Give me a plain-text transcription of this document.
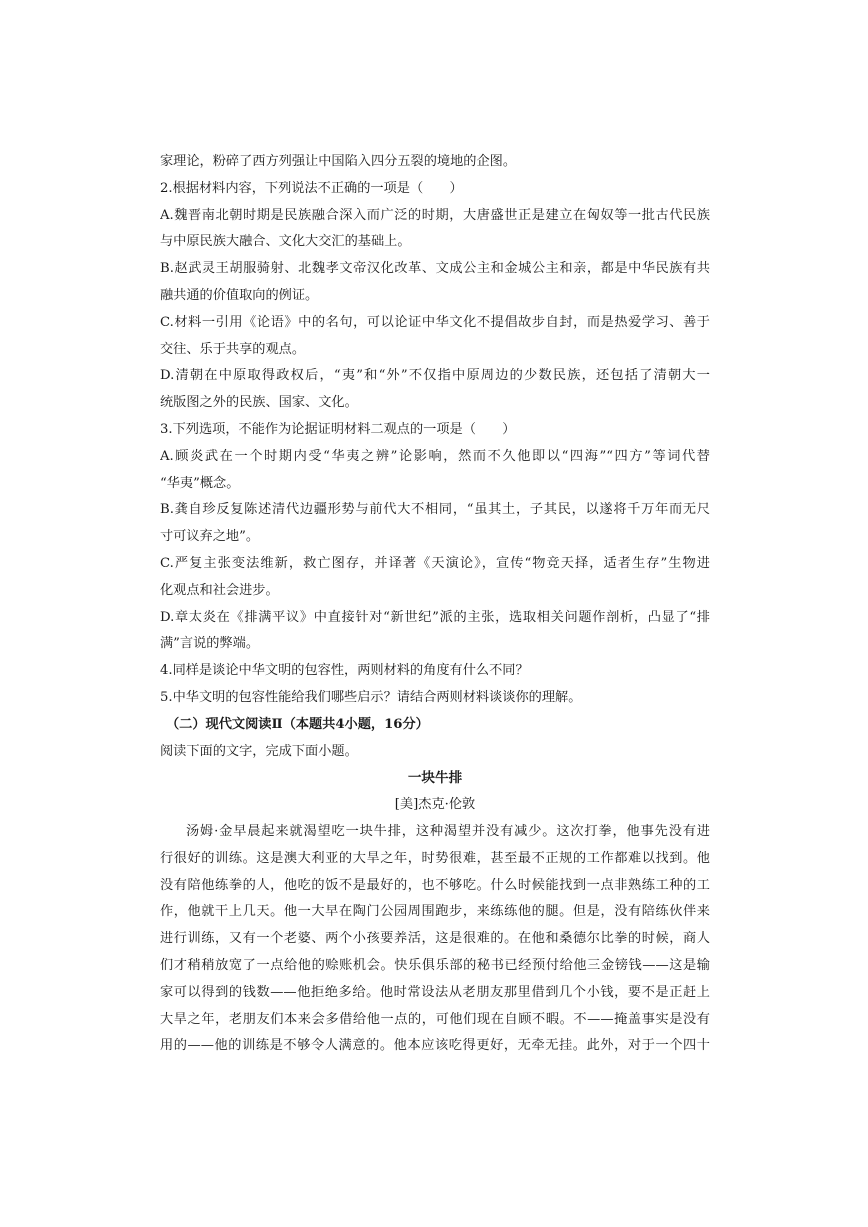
家理论，粉碎了西方列强让中国陷入四分五裂的境地的企图。
2.根据材料内容，下列说法不正确的一项是（　　）
A.魏晋南北朝时期是民族融合深入而广泛的时期，大唐盛世正是建立在匈奴等一批古代民族
与中原民族大融合、文化大交汇的基础上。
B.赵武灵王胡服骑射、北魏孝文帝汉化改革、文成公主和金城公主和亲，都是中华民族有共
融共通的价值取向的例证。
C.材料一引用《论语》中的名句，可以论证中华文化不提倡故步自封，而是热爱学习、善于
交往、乐于共享的观点。
D.清朝在中原取得政权后，“夷”和“外”不仅指中原周边的少数民族，还包括了清朝大一
统版图之外的民族、国家、文化。
3.下列选项，不能作为论据证明材料二观点的一项是（　　）
A.顾炎武在一个时期内受“华夷之辨”论影响，然而不久他即以“四海”“四方”等词代替
“华夷”概念。
B.龚自珍反复陈述清代边疆形势与前代大不相同，“虽其土，子其民，以遂将千万年而无尺
寸可议弃之地”。
C.严复主张变法维新，救亡图存，并译著《天演论》，宣传“物竞天择，适者生存”生物进
化观点和社会进步。
D.章太炎在《排满平议》中直接针对“新世纪”派的主张，选取相关问题作剖析，凸显了“排
满”言说的弊端。
4.同样是谈论中华文明的包容性，两则材料的角度有什么不同？
5.中华文明的包容性能给我们哪些启示？请结合两则材料谈谈你的理解。
（二）现代文阅读Ⅱ（本题共4小题，16分）
阅读下面的文字，完成下面小题。
一块牛排
[美]杰克·伦敦
汤姆·金早晨起来就渴望吃一块牛排，这种渴望并没有减少。这次打拳，他事先没有进
行很好的训练。这是澳大利亚的大旱之年，时势很难，甚至最不正规的工作都难以找到。他
没有陪他练拳的人，他吃的饭不是最好的，也不够吃。什么时候能找到一点非熟练工种的工
作，他就干上几天。他一大早在陶门公园周围跑步，来练练他的腿。但是，没有陪练伙伴来
进行训练，又有一个老婆、两个小孩要养活，这是很难的。在他和桑德尔比拳的时候，商人
们才稍稍放宽了一点给他的赊账机会。快乐俱乐部的秘书已经预付给他三金镑钱——这是输
家可以得到的钱数——他拒绝多给。他时常设法从老朋友那里借到几个小钱，要不是正赶上
大旱之年，老朋友们本来会多借给他一点的，可他们现在自顾不暇。不——掩盖事实是没有
用的——他的训练是不够令人满意的。他本应该吃得更好，无牵无挂。此外，对于一个四十
